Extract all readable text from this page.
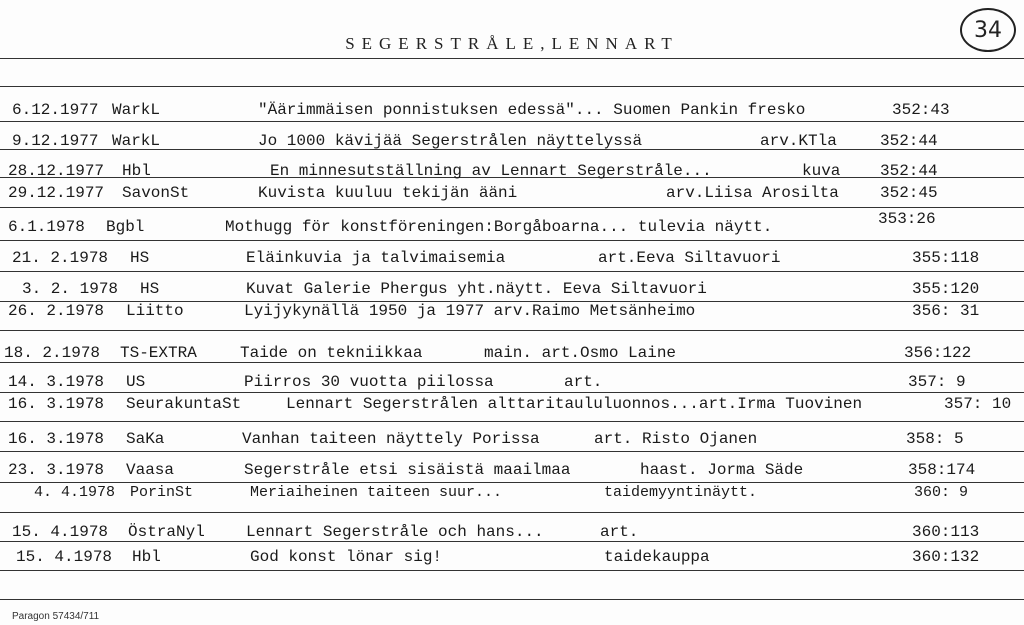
SEGERSTRÅLE,LENNART
34
6.12.1977 WarkL	"Äärimmäisen ponnistuksen edessä"... Suomen Pankin fresko	352:43
9.12.1977 WarkL	Jo 1000 kävijää Segerstrålen näyttelyssä	arv.KTla	352:44
28.12.1977 Hbl	En minnesutställning av Lennart Segerstråle...	kuva 352:44
29.12.1977 SavonSt	Kuvista kuuluu tekijän ääni	arv.Liisa Arosilta	352:45
6.1.1978 Bgbl	Mothugg för konstföreningen:Borgåboarna... tulevia näytt.	353:26
21. 2.1978 HS	Eläinkuvia ja talvimaisemia	art.Eeva Siltavuori	355:118
3. 2. 1978 HS	Kuvat Galerie Phergus yht.näytt. Eeva Siltavuori	355:120
26. 2.1978 Liitto	Lyijykynällä 1950 ja 1977 arv.Raimo Metsänheimo	356: 31
18. 2.1978 TS-EXTRA	Taide on tekniikkaa	main. art.Osmo Laine	356:122
14. 3.1978 US	Piirros 30 vuotta piilossa	art.	357: 9
16. 3.1978 SeurakuntaSt	Lennart Segerstrålen alttaritaululuonnos...art.Irma Tuovinen	357: 10
16. 3.1978 SaKa	Vanhan taiteen näyttely Porissa	art. Risto Ojanen	358: 5
23. 3.1978 Vaasa	Segerstråle etsi sisäistä maailmaa	haast. Jorma Säde	358:174
4. 4.1978 PorinSt	Meriaiheinen taiteen suur...	taidemyyntinäytt.	360: 9
15. 4.1978 ÖstraNyl	Lennart Segerstråle och hans...	art.	360:113
15. 4.1978 Hbl	God konst lönar sig!	taidekauppa	360:132
Paragon 57434/711
